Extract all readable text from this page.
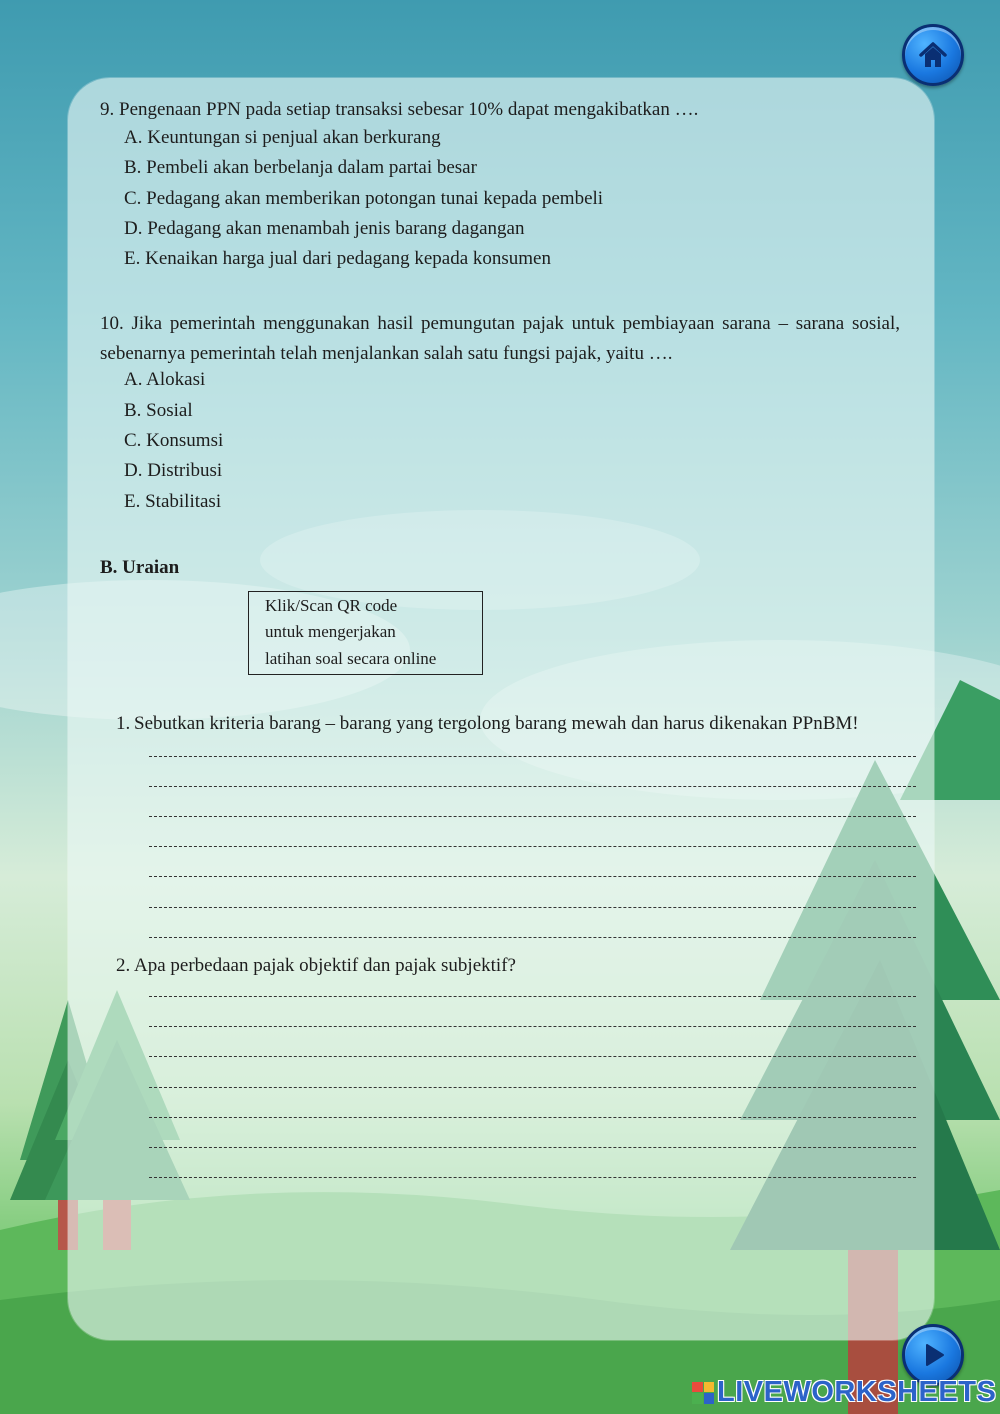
9. Pengenaan PPN pada setiap transaksi sebesar 10% dapat mengakibatkan ….
A. Keuntungan si penjual akan berkurang
B. Pembeli akan berbelanja dalam partai besar
C. Pedagang akan memberikan potongan tunai kepada pembeli
D. Pedagang akan menambah jenis barang dagangan
E. Kenaikan harga jual dari pedagang kepada konsumen
10. Jika pemerintah menggunakan hasil pemungutan pajak untuk pembiayaan sarana – sarana sosial, sebenarnya pemerintah telah menjalankan salah satu fungsi pajak, yaitu ….
A. Alokasi
B. Sosial
C. Konsumsi
D. Distribusi
E. Stabilitasi
B. Uraian
Klik/Scan QR code
untuk mengerjakan
latihan soal secara online
1. Sebutkan kriteria barang – barang yang tergolong barang mewah dan harus dikenakan PPnBM!
2. Apa perbedaan pajak objektif dan pajak subjektif?
LIVEWORKSHEETS
